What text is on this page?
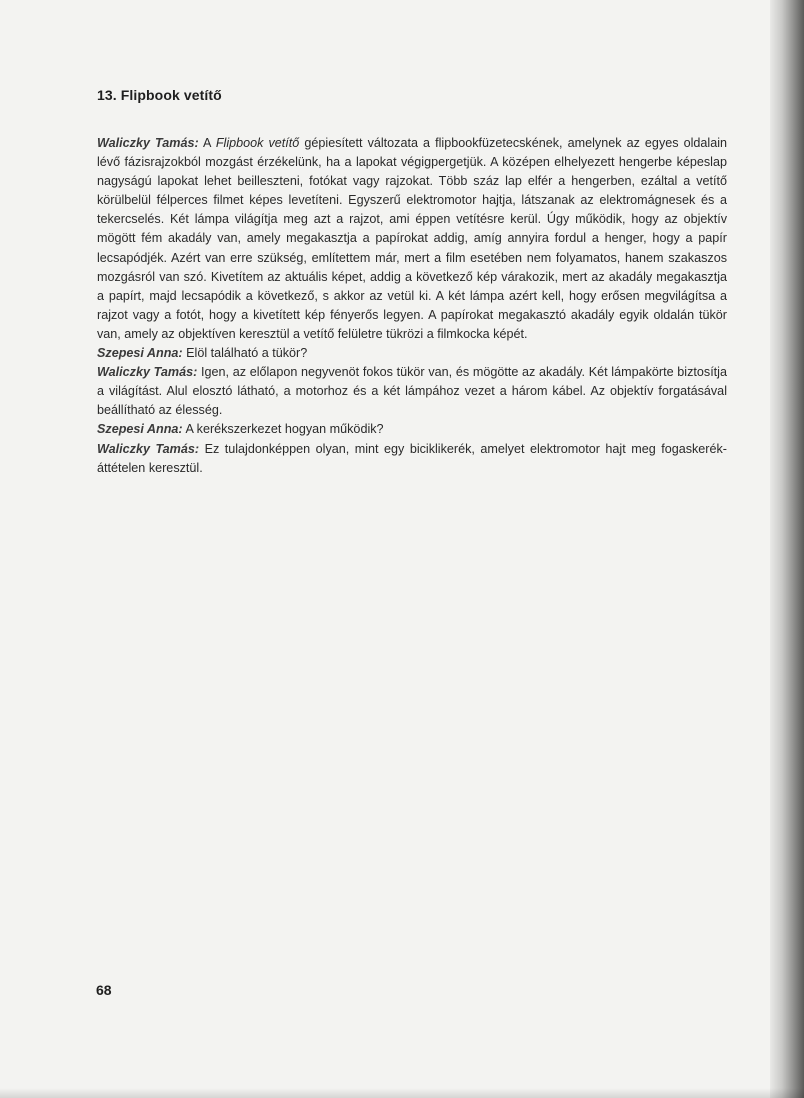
13. Flipbook vetítő

Waliczky Tamás: A Flipbook vetítő gépiesített változata a flipbookfüzetecskének, amelynek az egyes oldalain lévő fázisrajzokból mozgást érzékelünk, ha a lapokat végigpergetjük. A középen elhelyezett hengerbe képeslap nagyságú lapokat lehet beilleszteni, fotókat vagy rajzokat. Több száz lap elfér a hengerben, ezáltal a vetítő körülbelül félperces filmet képes levetíteni. Egyszerű elektromotor hajtja, látszanak az elektromágnesek és a tekercselés. Két lámpa világítja meg azt a rajzot, ami éppen vetítésre kerül. Úgy működik, hogy az objektív mögött fém akadály van, amely megakasztja a papírokat addig, amíg annyira fordul a henger, hogy a papír lecsapódjék. Azért van erre szükség, említettem már, mert a film esetében nem folyamatos, hanem szakaszos mozgásról van szó. Kivetítem az aktuális képet, addig a következő kép várakozik, mert az akadály megakasztja a papírt, majd lecsapódik a következő, s akkor az vetül ki. A két lámpa azért kell, hogy erősen megvilágítsa a rajzot vagy a fotót, hogy a kivetített kép fényerős legyen. A papírokat megakasztó akadály egyik oldalán tükör van, amely az objektíven keresztül a vetítő felületre tükrözi a filmkocka képét.

Szepesi Anna: Elöl található a tükör?

Waliczky Tamás: Igen, az előlapon negyvenöt fokos tükör van, és mögötte az akadály. Két lámpakörte biztosítja a világítást. Alul elosztó látható, a motorhoz és a két lámpához vezet a három kábel. Az objektív forgatásával beállítható az élesség.

Szepesi Anna: A kerékszerkezet hogyan működik?

Waliczky Tamás: Ez tulajdonképpen olyan, mint egy biciklikerék, amelyet elektromotor hajt meg fogaskerék-áttételen keresztül.

68
